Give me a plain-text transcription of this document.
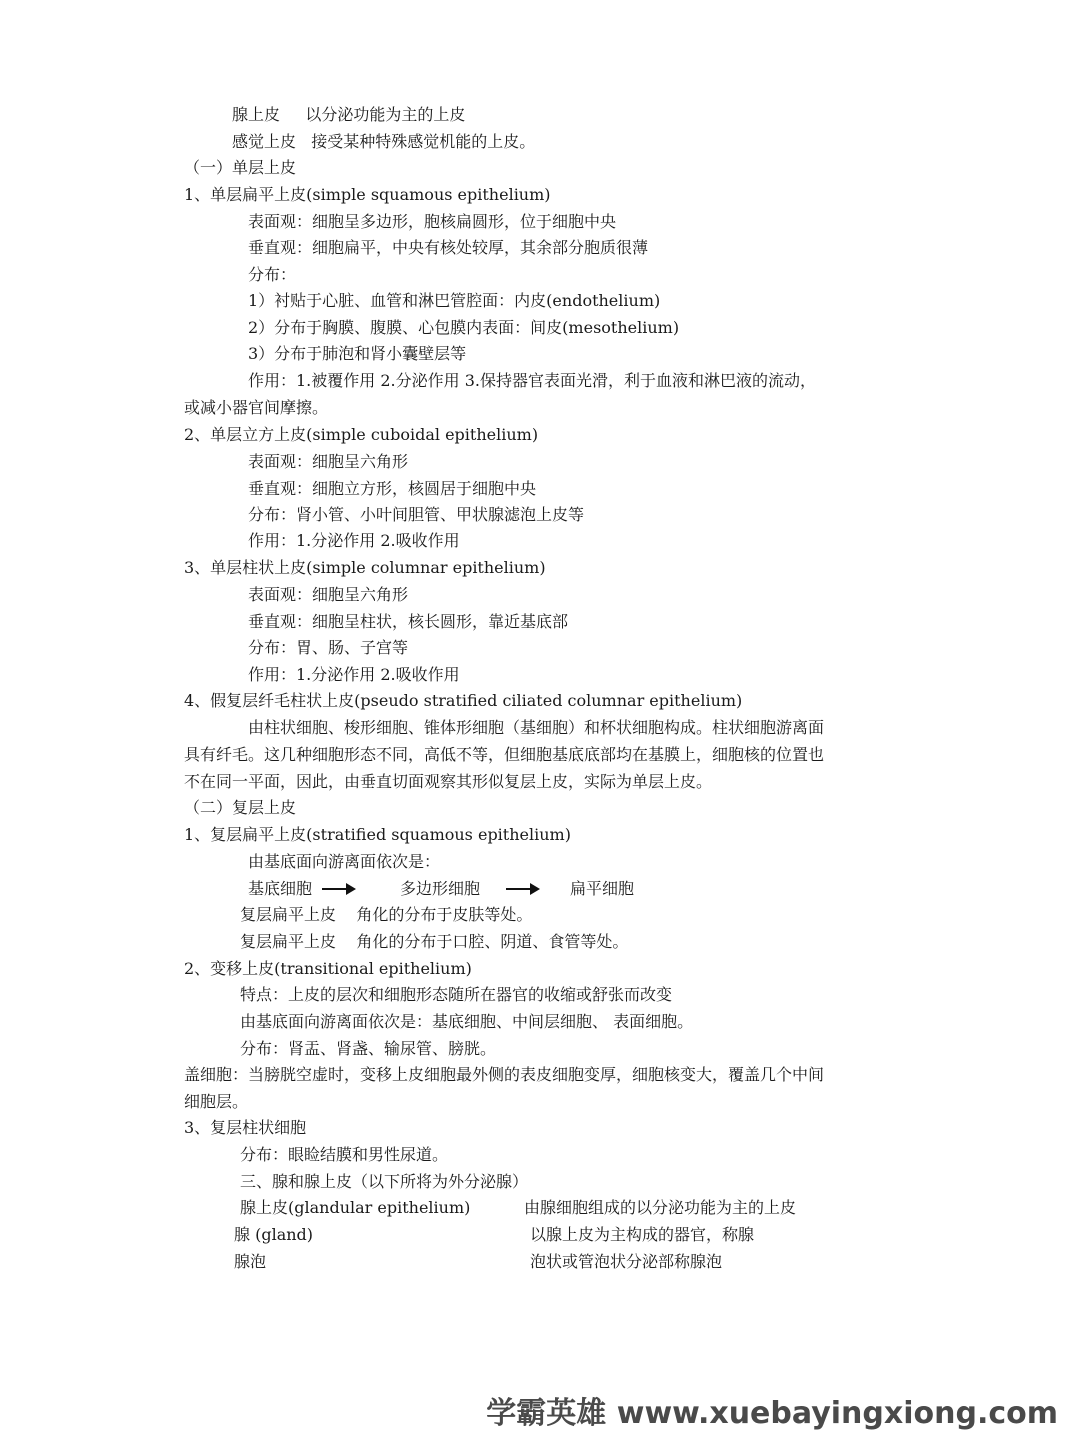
腺上皮     以分泌功能为主的上皮
感觉上皮   接受某种特殊感觉机能的上皮。
（一）单层上皮
1、单层扁平上皮(simple squamous epithelium)
表面观：细胞呈多边形，胞核扁圆形，位于细胞中央
垂直观：细胞扁平，中央有核处较厚，其余部分胞质很薄
分布：
1）衬贴于心脏、血管和淋巴管腔面：内皮(endothelium)
2）分布于胸膜、腹膜、心包膜内表面：间皮(mesothelium)
3）分布于肺泡和肾小囊壁层等
作用：1.被覆作用 2.分泌作用 3.保持器官表面光滑，利于血液和淋巴液的流动，
或减小器官间摩擦。
2、单层立方上皮(simple cuboidal epithelium)
表面观：细胞呈六角形
垂直观：细胞立方形，核圆居于细胞中央
分布：肾小管、小叶间胆管、甲状腺滤泡上皮等
作用：1.分泌作用 2.吸收作用
3、单层柱状上皮(simple columnar epithelium)
表面观：细胞呈六角形
垂直观：细胞呈柱状，核长圆形，靠近基底部
分布：胃、肠、子宫等
作用：1.分泌作用 2.吸收作用
4、假复层纤毛柱状上皮(pseudo stratified ciliated columnar epithelium)
由柱状细胞、梭形细胞、锥体形细胞（基细胞）和杯状细胞构成。柱状细胞游离面
具有纤毛。这几种细胞形态不同，高低不等，但细胞基底底部均在基膜上，细胞核的位置也
不在同一平面，因此，由垂直切面观察其形似复层上皮，实际为单层上皮。
（二）复层上皮
1、复层扁平上皮(stratified squamous epithelium)
由基底面向游离面依次是：
基底细胞	多边形细胞	扁平细胞
复层扁平上皮    角化的分布于皮肤等处。
复层扁平上皮    角化的分布于口腔、阴道、食管等处。
2、变移上皮(transitional epithelium)
特点：上皮的层次和细胞形态随所在器官的收缩或舒张而改变
由基底面向游离面依次是：基底细胞、中间层细胞、 表面细胞。
分布：肾盂、肾盏、输尿管、膀胱。
盖细胞：当膀胱空虚时，变移上皮细胞最外侧的表皮细胞变厚，细胞核变大，覆盖几个中间
细胞层。
3、复层柱状细胞
分布：眼睑结膜和男性尿道。
三、腺和腺上皮（以下所将为外分泌腺）
腺上皮(glandular epithelium)	由腺细胞组成的以分泌功能为主的上皮
腺 (gland)	以腺上皮为主构成的器官，称腺
腺泡	泡状或管泡状分泌部称腺泡
学霸英雄 www.xuebayingxiong.com
